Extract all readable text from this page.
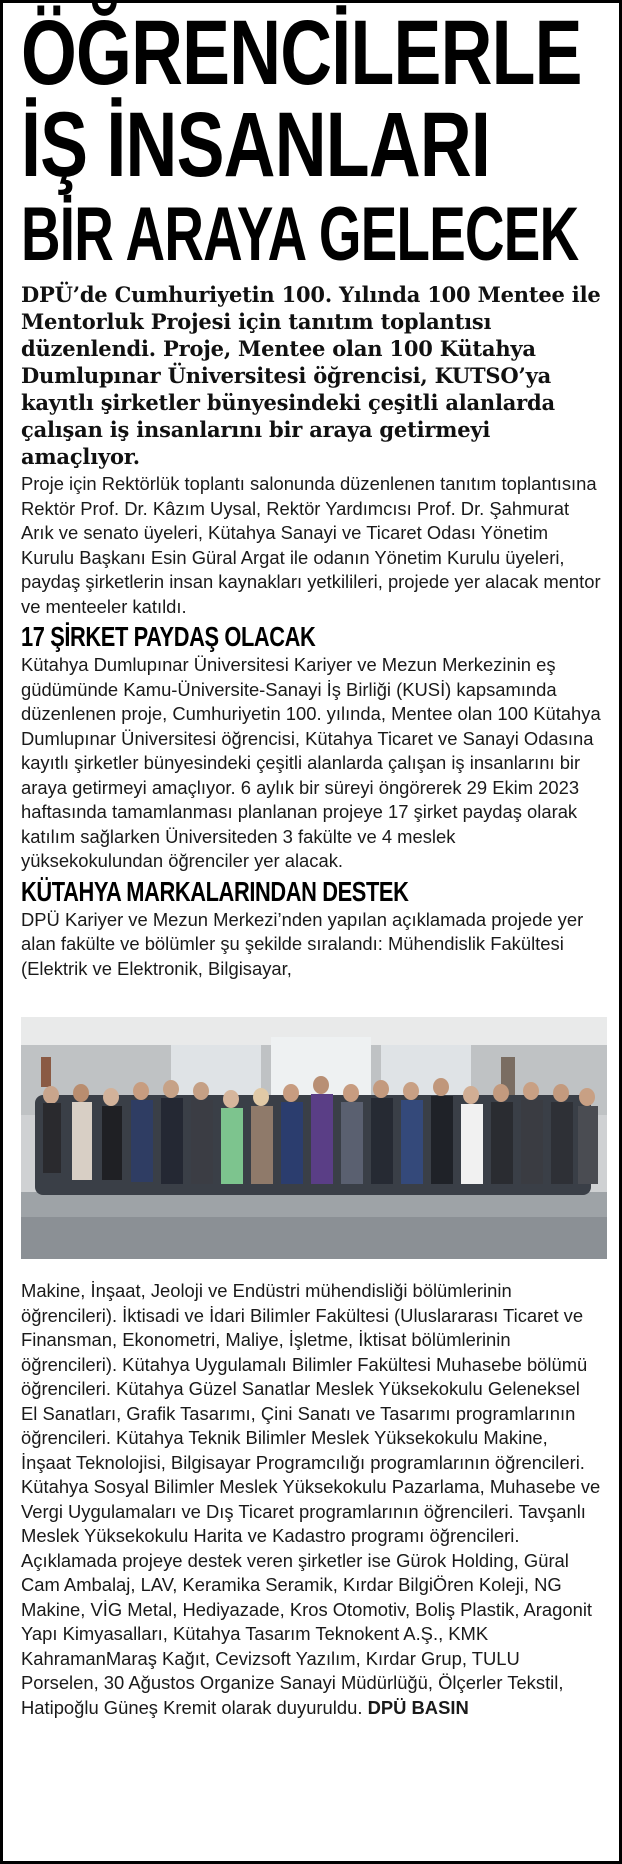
ÖĞRENCİLERLE
İŞ İNSANLARI
BİR ARAYA GELECEK

DPÜ’de Cumhuriyetin 100. Yılında 100 Mentee ile Mentorluk Projesi için tanıtım toplantısı düzenlendi. Proje, Mentee olan 100 Kütahya Dumlupınar Üniversitesi öğrencisi, KUTSO’ya kayıtlı şirketler bünyesindeki çeşitli alanlarda çalışan iş insanlarını bir araya getirmeyi amaçlıyor.

Proje için Rektörlük toplantı salonunda düzenlenen tanıtım toplantısına Rektör Prof. Dr. Kâzım Uysal, Rektör Yardımcısı Prof. Dr. Şahmurat Arık ve senato üyeleri, Kütahya Sanayi ve Ticaret Odası Yönetim Kurulu Başkanı Esin Güral Argat ile odanın Yönetim Kurulu üyeleri, paydaş şirketlerin insan kaynakları yetkilileri, projede yer alacak mentor ve menteeler katıldı.

17 ŞİRKET PAYDAŞ OLACAK

Kütahya Dumlupınar Üniversitesi Kariyer ve Mezun Merkezinin eş güdümünde Kamu-Üniversite-Sanayi İş Birliği (KUSİ) kapsamında düzenlenen proje, Cumhuriyetin 100. yılında, Mentee olan 100 Kütahya Dumlupınar Üniversitesi öğrencisi, Kütahya Ticaret ve Sanayi Odasına kayıtlı şirketler bünyesindeki çeşitli alanlarda çalışan iş insanlarını bir araya getirmeyi amaçlıyor. 6 aylık bir süreyi öngörerek 29 Ekim 2023 haftasında tamamlanması planlanan projeye 17 şirket paydaş olarak katılım sağlarken Üniversiteden 3 fakülte ve 4 meslek yüksekokulundan öğrenciler yer alacak.

KÜTAHYA MARKALARINDAN DESTEK

DPÜ Kariyer ve Mezun Merkezi’nden yapılan açıklamada projede yer alan fakülte ve bölümler şu şekilde sıralandı: Mühendislik Fakültesi (Elektrik ve Elektronik, Bilgisayar,

Makine, İnşaat, Jeoloji ve Endüstri mühendisliği bölümlerinin öğrencileri). İktisadi ve İdari Bilimler Fakültesi (Uluslararası Ticaret ve Finansman, Ekonometri, Maliye, İşletme, İktisat bölümlerinin öğrencileri). Kütahya Uygulamalı Bilimler Fakültesi Muhasebe bölümü öğrencileri. Kütahya Güzel Sanatlar Meslek Yüksekokulu Geleneksel El Sanatları, Grafik Tasarımı, Çini Sanatı ve Tasarımı programlarının öğrencileri. Kütahya Teknik Bilimler Meslek Yüksekokulu Makine, İnşaat Teknolojisi, Bilgisayar Programcılığı programlarının öğrencileri. Kütahya Sosyal Bilimler Meslek Yüksekokulu Pazarlama, Muhasebe ve Vergi Uygulamaları ve Dış Ticaret programlarının öğrencileri. Tavşanlı Meslek Yüksekokulu Harita ve Kadastro programı öğrencileri. Açıklamada projeye destek veren şirketler ise Gürok Holding, Güral Cam Ambalaj, LAV, Keramika Seramik, Kırdar BilgiÖren Koleji, NG Makine, VİG Metal, Hediyazade, Kros Otomotiv, Boliş Plastik, Aragonit Yapı Kimyasalları, Kütahya Tasarım Teknokent A.Ş., KMK KahramanMaraş Kağıt, Cevizsoft Yazılım, Kırdar Grup, TULU Porselen, 30 Ağustos Organize Sanayi Müdürlüğü, Ölçerler Tekstil, Hatipoğlu Güneş Kremit olarak duyuruldu. DPÜ BASIN
